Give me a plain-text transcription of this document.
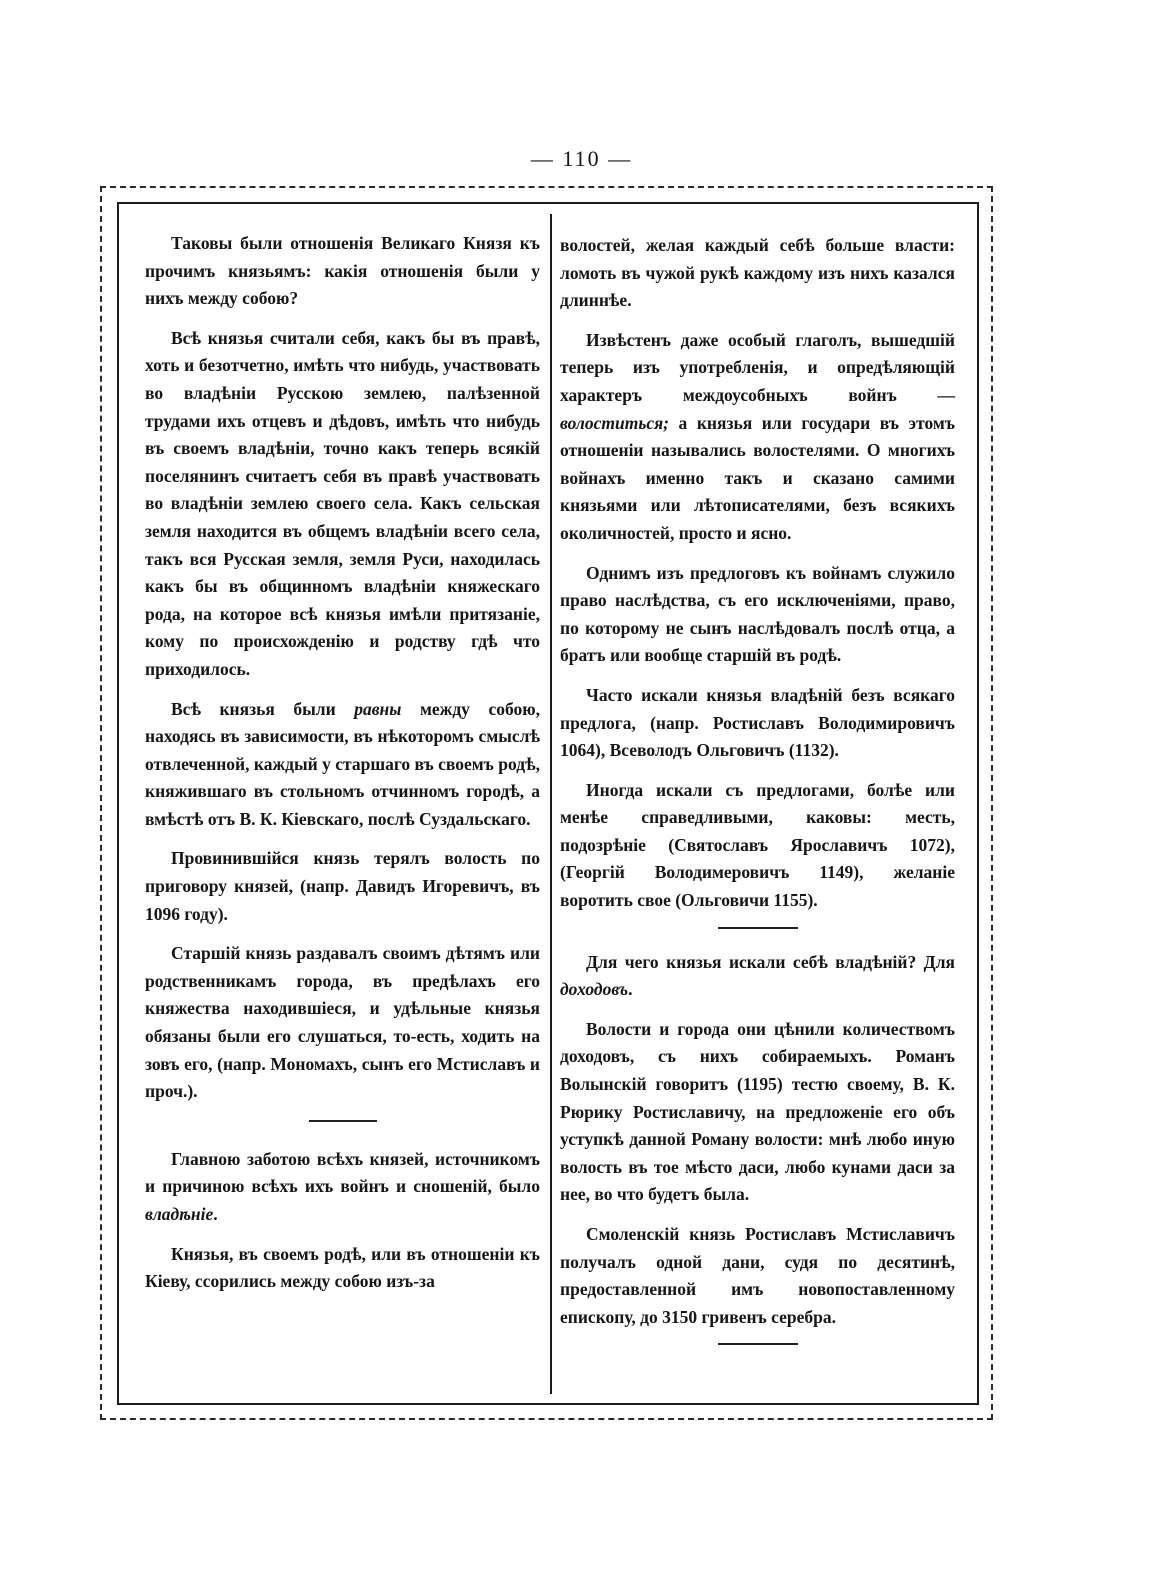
— 110 —

Таковы были отношенія Великаго Князя къ прочимъ князьямъ: какія отношенія были у нихъ между собою?

Всѣ князья считали себя, какъ бы въ правѣ, хоть и безотчетно, имѣть что нибудь, участвовать во владѣніи Русскою землею, палѣзенной трудами ихъ отцевъ и дѣдовъ, имѣть что нибудь въ своемъ владѣніи, точно какъ теперь всякій поселянинъ считаетъ себя въ правѣ участвовать во владѣніи землею своего села. Какъ сельская земля находится въ общемъ владѣніи всего села, такъ вся Русская земля, земля Руси, находилась какъ бы въ общинномъ владѣніи княжескаго рода, на которое всѣ князья имѣли притязаніе, кому по происхожденію и родству гдѣ что приходилось.

Всѣ князья были равны между собою, находясь въ зависимости, въ нѣкоторомъ смыслѣ отвлеченной, каждый у старшаго въ своемъ родѣ, княжившаго въ стольномъ отчинномъ городѣ, а вмѣстѣ отъ В. К. Кіевскаго, послѣ Суздальскаго.

Провинившійся князь терялъ волость по приговору князей, (напр. Давидъ Игоревичъ, въ 1096 году).

Старшій князь раздавалъ своимъ дѣтямъ или родственникамъ города, въ предѣлахъ его княжества находившіеся, и удѣльные князья обязаны были его слушаться, то-есть, ходить на зовъ его, (напр. Мономахъ, сынъ его Мстиславъ и проч.).

Главною заботою всѣхъ князей, источникомъ и причиною всѣхъ ихъ войнъ и сношеній, было владѣніе.

Князья, въ своемъ родѣ, или въ отношеніи къ Кіеву, ссорились между собою изъ-за

волостей, желая каждый себѣ больше власти: ломоть въ чужой рукѣ каждому изъ нихъ казался длиннѣе.

Извѣстенъ даже особый глаголъ, вышедшій теперь изъ употребленія, и опредѣляющій характеръ междоусобныхъ войнъ — волоститься; а князья или государи въ этомъ отношеніи назывались волостелями. О многихъ войнахъ именно такъ и сказано самими князьями или лѣтописателями, безъ всякихъ околичностей, просто и ясно.

Однимъ изъ предлоговъ къ войнамъ служило право наслѣдства, съ его исключеніями, право, по которому не сынъ наслѣдовалъ послѣ отца, а братъ или вообще старшій въ родѣ.

Часто искали князья владѣній безъ всякаго предлога, (напр. Ростиславъ Володимировичъ 1064), Всеволодъ Ольговичъ (1132).

Иногда искали съ предлогами, болѣе или менѣе справедливыми, каковы: месть, подозрѣніе (Святославъ Ярославичъ 1072), (Георгій Володимеровичъ 1149), желаніе воротить свое (Ольговичи 1155).

Для чего князья искали себѣ владѣній? Для доходовъ.

Волости и города они цѣнили количествомъ доходовъ, съ нихъ собираемыхъ. Романъ Волынскій говоритъ (1195) тестю своему, В. К. Рюрику Ростиславичу, на предложеніе его объ уступкѣ данной Роману волости: мнѣ любо иную волость въ тое мѣсто даси, любо кунами даси за нее, во что будетъ была.

Смоленскій князь Ростиславъ Мстиславичъ получалъ одной дани, судя по десятинѣ, предоставленной имъ новопоставленному епископу, до 3150 гривенъ серебра.
